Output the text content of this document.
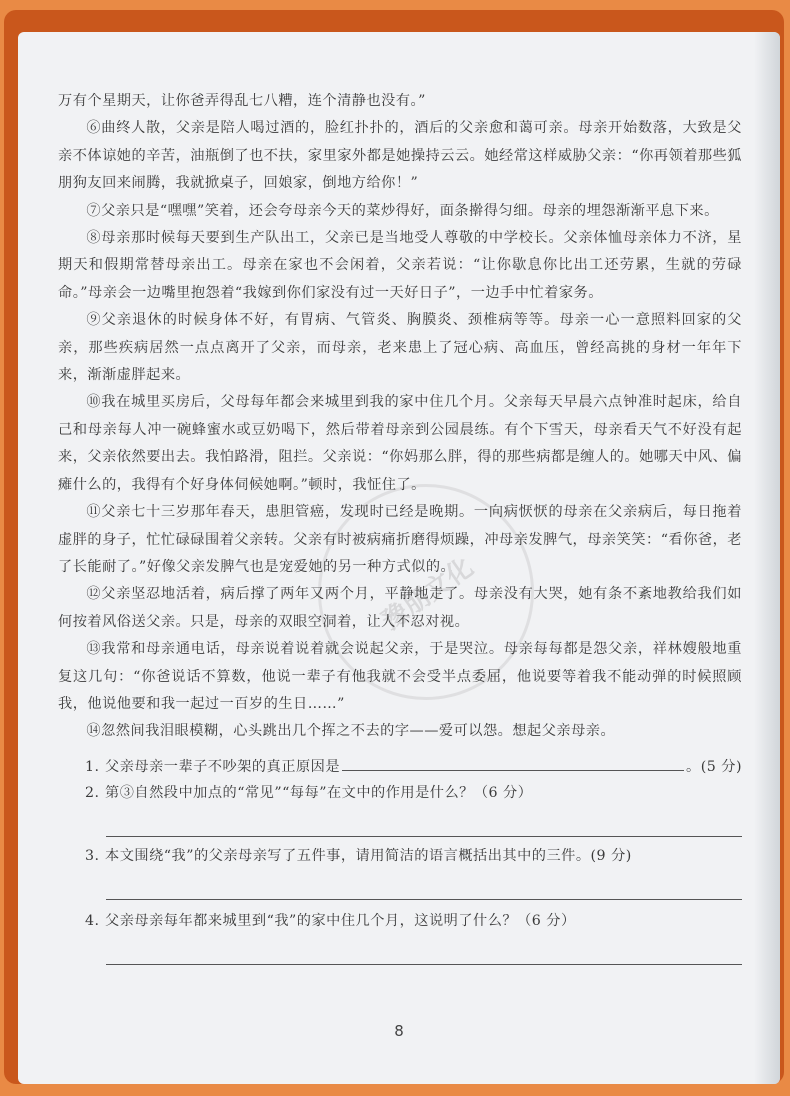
豫朋文化

万有个星期天，让你爸弄得乱七八糟，连个清静也没有。”

⑥曲终人散，父亲是陪人喝过酒的，脸红扑扑的，酒后的父亲愈和蔼可亲。母亲开始数落，大致是父亲不体谅她的辛苦，油瓶倒了也不扶，家里家外都是她操持云云。她经常这样威胁父亲：“你再领着那些狐朋狗友回来闹腾，我就掀桌子，回娘家，倒地方给你！”

⑦父亲只是“嘿嘿”笑着，还会夸母亲今天的菜炒得好，面条擀得匀细。母亲的埋怨渐渐平息下来。

⑧母亲那时候每天要到生产队出工，父亲已是当地受人尊敬的中学校长。父亲体恤母亲体力不济，星期天和假期常替母亲出工。母亲在家也不会闲着，父亲若说：“让你歇息你比出工还劳累，生就的劳碌命。”母亲会一边嘴里抱怨着“我嫁到你们家没有过一天好日子”，一边手中忙着家务。

⑨父亲退休的时候身体不好，有胃病、气管炎、胸膜炎、颈椎病等等。母亲一心一意照料回家的父亲，那些疾病居然一点点离开了父亲，而母亲，老来患上了冠心病、高血压，曾经高挑的身材一年年下来，渐渐虚胖起来。

⑩我在城里买房后，父母每年都会来城里到我的家中住几个月。父亲每天早晨六点钟准时起床，给自己和母亲每人冲一碗蜂蜜水或豆奶喝下，然后带着母亲到公园晨练。有个下雪天，母亲看天气不好没有起来，父亲依然要出去。我怕路滑，阻拦。父亲说：“你妈那么胖，得的那些病都是缠人的。她哪天中风、偏瘫什么的，我得有个好身体伺候她啊。”顿时，我怔住了。

⑪父亲七十三岁那年春天，患胆管癌，发现时已经是晚期。一向病恹恹的母亲在父亲病后，每日拖着虚胖的身子，忙忙碌碌围着父亲转。父亲有时被病痛折磨得烦躁，冲母亲发脾气，母亲笑笑：“看你爸，老了长能耐了。”好像父亲发脾气也是宠爱她的另一种方式似的。

⑫父亲坚忍地活着，病后撑了两年又两个月，平静地走了。母亲没有大哭，她有条不紊地教给我们如何按着风俗送父亲。只是，母亲的双眼空洞着，让人不忍对视。

⑬我常和母亲通电话，母亲说着说着就会说起父亲，于是哭泣。母亲每每都是怨父亲，祥林嫂般地重复这几句：“你爸说话不算数，他说一辈子有他我就不会受半点委屈，他说要等着我不能动弹的时候照顾我，他说他要和我一起过一百岁的生日……”

⑭忽然间我泪眼模糊，心头跳出几个挥之不去的字——爱可以怨。想起父亲母亲。

1. 父亲母亲一辈子不吵架的真正原因是	。(5 分)
2. 第③自然段中加点的“常见”“每每”在文中的作用是什么？（6 分）
3. 本文围绕“我”的父亲母亲写了五件事，请用简洁的语言概括出其中的三件。(9 分)
4. 父亲母亲每年都来城里到“我”的家中住几个月，这说明了什么？（6 分）
8
